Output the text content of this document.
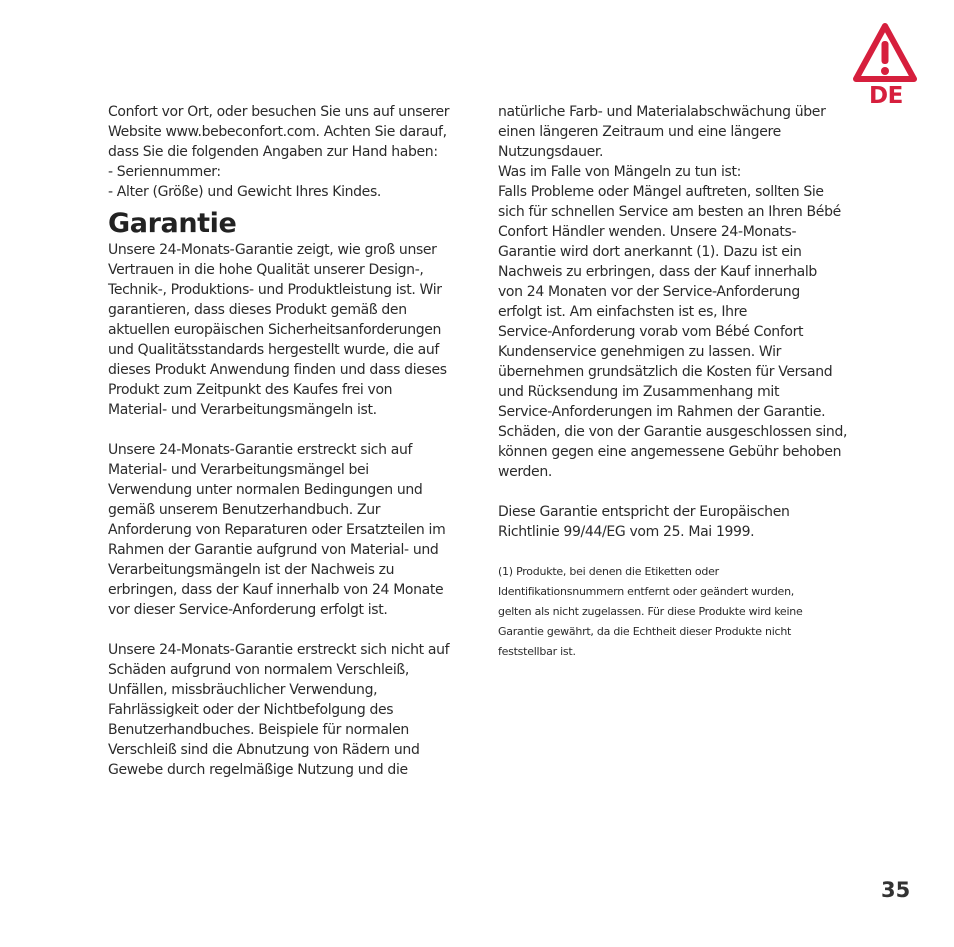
DE
Confort vor Ort, oder besuchen Sie uns auf unserer
Website www.bebeconfort.com. Achten Sie darauf,
dass Sie die folgenden Angaben zur Hand haben:
- Seriennummer:
- Alter (Größe) und Gewicht Ihres Kindes.
Garantie
Unsere 24-Monats-Garantie zeigt, wie groß unser
Vertrauen in die hohe Qualität unserer Design-,
Technik-, Produktions- und Produktleistung ist. Wir
garantieren, dass dieses Produkt gemäß den
aktuellen europäischen Sicherheitsanforderungen
und Qualitätsstandards hergestellt wurde, die auf
dieses Produkt Anwendung finden und dass dieses
Produkt zum Zeitpunkt des Kaufes frei von
Material- und Verarbeitungsmängeln ist.
Unsere 24-Monats-Garantie erstreckt sich auf
Material- und Verarbeitungsmängel bei
Verwendung unter normalen Bedingungen und
gemäß unserem Benutzerhandbuch. Zur
Anforderung von Reparaturen oder Ersatzteilen im
Rahmen der Garantie aufgrund von Material- und
Verarbeitungsmängeln ist der Nachweis zu
erbringen, dass der Kauf innerhalb von 24 Monate
vor dieser Service-Anforderung erfolgt ist.
Unsere 24-Monats-Garantie erstreckt sich nicht auf
Schäden aufgrund von normalem Verschleiß,
Unfällen, missbräuchlicher Verwendung,
Fahrlässigkeit oder der Nichtbefolgung des
Benutzerhandbuches. Beispiele für normalen
Verschleiß sind die Abnutzung von Rädern und
Gewebe durch regelmäßige Nutzung und die
natürliche Farb- und Materialabschwächung über
einen längeren Zeitraum und eine längere
Nutzungsdauer.
Was im Falle von Mängeln zu tun ist:
Falls Probleme oder Mängel auftreten, sollten Sie
sich für schnellen Service am besten an Ihren Bébé
Confort Händler wenden. Unsere 24-Monats-
Garantie wird dort anerkannt (1). Dazu ist ein
Nachweis zu erbringen, dass der Kauf innerhalb
von 24 Monaten vor der Service-Anforderung
erfolgt ist. Am einfachsten ist es, Ihre
Service-Anforderung vorab vom Bébé Confort
Kundenservice genehmigen zu lassen. Wir
übernehmen grundsätzlich die Kosten für Versand
und Rücksendung im Zusammenhang mit
Service-Anforderungen im Rahmen der Garantie.
Schäden, die von der Garantie ausgeschlossen sind,
können gegen eine angemessene Gebühr behoben
werden.
Diese Garantie entspricht der Europäischen
Richtlinie 99/44/EG vom 25. Mai 1999.
(1) Produkte, bei denen die Etiketten oder
Identifikationsnummern entfernt oder geändert wurden,
gelten als nicht zugelassen. Für diese Produkte wird keine
Garantie gewährt, da die Echtheit dieser Produkte nicht
feststellbar ist.
35
